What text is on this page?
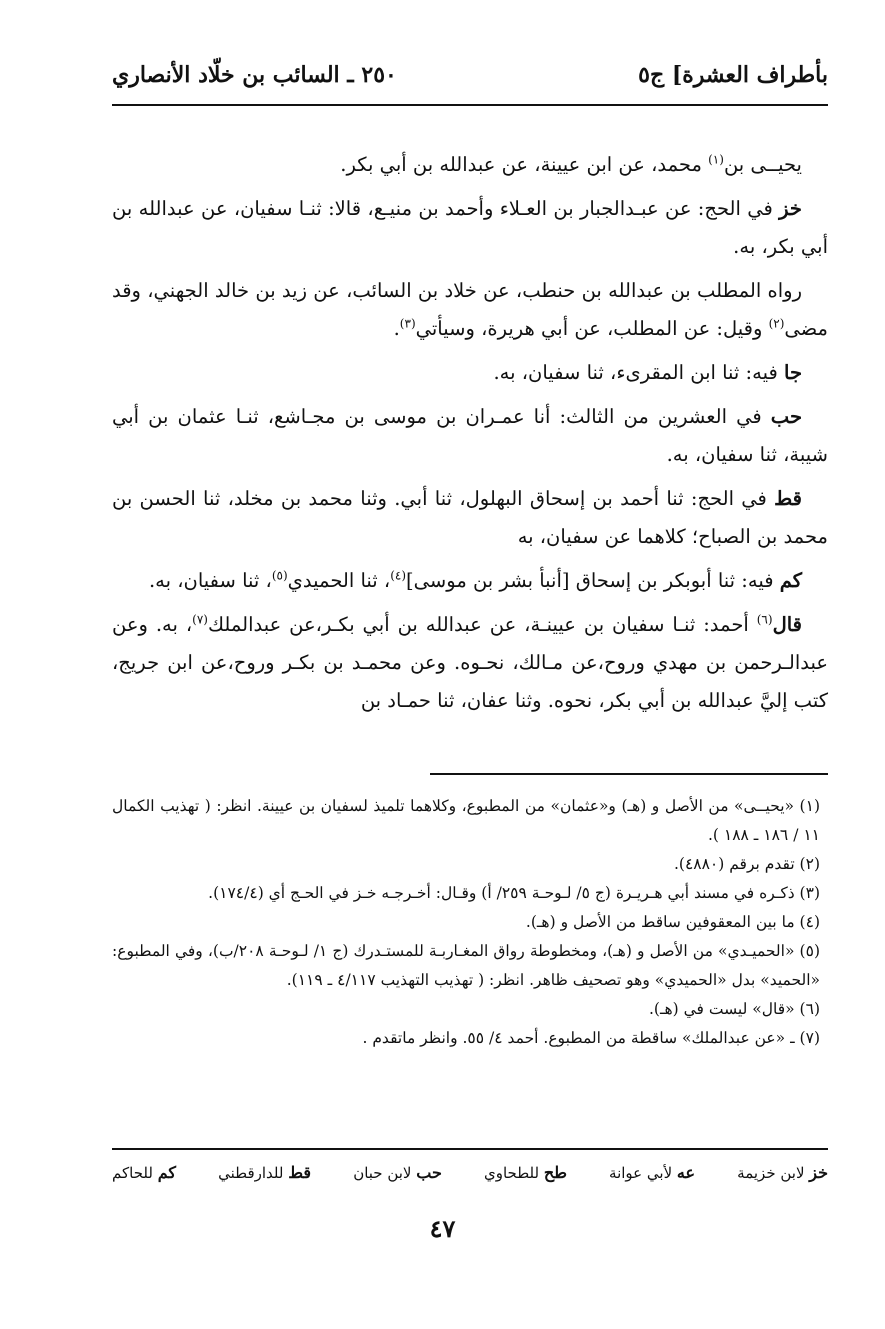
بأطراف العشرة] ج٥
٢٥٠ ـ السائب بن خلّاد الأنصاري

يحيــى بن$^{(١)}$ محمد، عن ابن عيينة، عن عبدالله بن أبي بكر.

خز في الحج: عن عبـدالجبار بن العـلاء وأحمد بن منيـع، قالا: ثنـا سفيان، عن عبدالله بن أبي بكر، به.

رواه المطلب بن عبدالله بن حنطب، عن خلاد بن السائب، عن زيد بن خالد الجهني، وقد مضى$^{(٢)}$ وقيل: عن المطلب، عن أبي هريرة، وسيأتي$^{(٣)}$.

جا فيه: ثنا ابن المقرىء، ثنا سفيان، به.

حب في العشرين من الثالث: أنا عمـران بن موسى بن مجـاشع، ثنـا عثمان بن أبي شيبة، ثنا سفيان، به.

قط في الحج: ثنا أحمد بن إسحاق البهلول، ثنا أبي. وثنا محمد بن مخلد، ثنا الحسن بن محمد بن الصباح؛ كلاهما عن سفيان، به

كم فيه: ثنا أبوبكر بن إسحاق [أنبأ بشر بن موسى]$^{(٤)}$، ثنا الحميدي$^{(٥)}$، ثنا سفيان، به.

قال$^{(٦)}$ أحمد: ثنـا سفيان بن عيينـة، عن عبدالله بن أبي بكـر،عن عبدالملك$^{(٧)}$، به. وعن عبدالـرحمن بن مهدي وروح،عن مـالك، نحـوه. وعن محمـد بن بكـر وروح،عن ابن جريج، كتب إليَّ عبدالله بن أبي بكر، نحوه. وثنا عفان، ثنا حمـاد بن

(١) «يحيــى» من الأصل و (هـ) و«عثمان» من المطبوع، وكلاهما تلميذ لسفيان بن عيينة. انظر: ( تهذيب الكمال ١١ / ١٨٦ ـ ١٨٨ ).

(٢) تقدم برقم (٤٨٨٠).

(٣) ذكـره في مسند أبي هـريـرة (ج ٥/ لـوحـة ٢٥٩/ أ) وقـال: أخـرجـه خـز في الحـج أي (١٧٤/٤).

(٤) ما بين المعقوفين ساقط من الأصل و (هـ).

(٥) «الحميـدي» من الأصل و (هـ)، ومخطوطة رواق المغـاربـة للمستـدرك (ج ١/ لـوحـة ٢٠٨/ب)، وفي المطبوع: «الحميد» بدل «الحميدي» وهو تصحيف ظاهر. انظر: ( تهذيب التهذيب ٤/١١٧ ـ ١١٩).

(٦) «قال» ليست في (هـ).

(٧) ـ «عن عبدالملك» ساقطة من المطبوع. أحمد ٤/ ٥٥. وانظر ماتقدم .

خز لابن خزيمة
عه لأبي عوانة
طح للطحاوي
حب لابن حبان
قط للدارقطني
كم للحاكم
٤٧
